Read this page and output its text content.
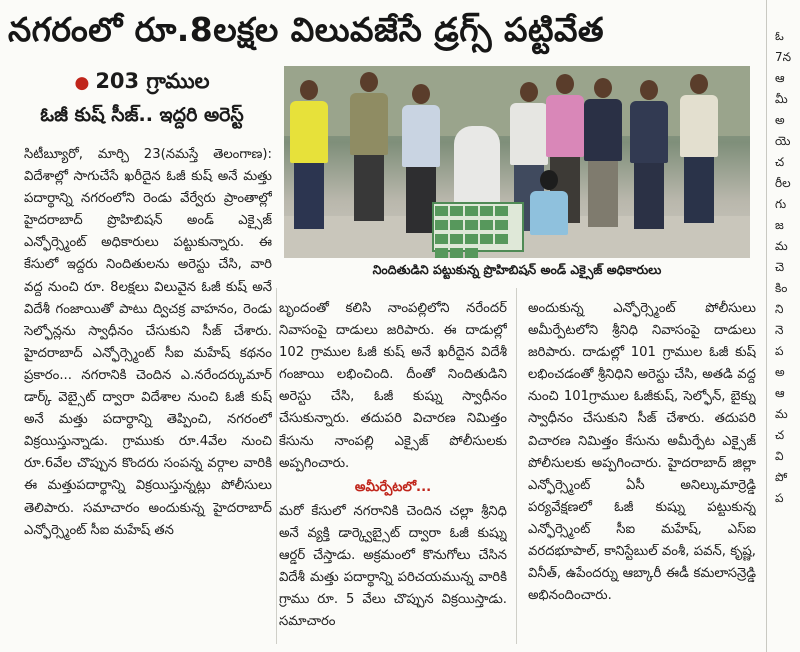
నగరంలో రూ.8లక్షల విలువజేసే డ్రగ్స్ పట్టివేత	ఓ
7న
ఆ
మీ
అ
యె
చ
రీల
గు
జ
మ
చె
కిం
ని
నె
ప
అ
ఆ
మ
చ
వి
పో
ప
● 203 గ్రాముల
ఓజీ కుష్ సీజ్.. ఇద్దరి అరెస్ట్
సిటీబ్యూరో, మార్చి 23(నమస్తే తెలంగాణ): విదేశాల్లో సాగుచేసే ఖరీదైన ఓజీ కుష్ అనే మత్తు పదార్థాన్ని నగరంలోని రెండు వేర్వేరు ప్రాంతాల్లో హైదరాబాద్ ప్రొహిబిషన్ అండ్ ఎక్సైజ్ ఎన్ఫోర్స్మెంట్ అధికారులు పట్టుకున్నారు. ఈ కేసులో ఇద్దరు నిందితులను అరెస్టు చేసి, వారి వద్ద నుంచి రూ. 8లక్షలు విలువైన ఓజీ కుష్ అనే విదేశీ గంజాయితో పాటు ద్విచక్ర వాహనం, రెండు సెల్ఫోన్లను స్వాధీనం చేసుకుని సీజ్ చేశారు. హైదరాబాద్ ఎన్ఫోర్స్మెంట్ సీఐ మహేష్ కథనం ప్రకారం... నగరానికి చెందిన ఎ.నరేందర్కుమార్ డార్క్ వెబ్సైట్ ద్వారా విదేశాల నుంచి ఓజీ కుష్ అనే మత్తు పదార్థాన్ని తెప్పించి, నగరంలో విక్రయిస్తున్నాడు. గ్రాముకు రూ.4వేల నుంచి రూ.6వేల చొప్పున కొందరు సంపన్న వర్గాల వారికి ఈ మత్తుపదార్థాన్ని విక్రయిస్తున్నట్లు పోలీసులు తెలిపారు. సమాచారం అందుకున్న హైదరాబాద్ ఎన్ఫోర్స్మెంట్ సీఐ మహేష్ తన
నిందితుడిని పట్టుకున్న ప్రొహిబిషన్ అండ్ ఎక్సైజ్ అధికారులు
బృందంతో కలిసి నాంపల్లిలోని నరేందర్ నివాసంపై దాడులు జరిపారు. ఈ దాడుల్లో 102 గ్రాముల ఓజీ కుష్ అనే ఖరీదైన విదేశీ గంజాయి లభించింది. దీంతో నిందితుడిని అరెస్టు చేసి, ఓజీ కుష్ను స్వాధీనం చేసుకున్నారు. తదుపరి విచారణ నిమిత్తం కేసును నాంపల్లి ఎక్సైజ్ పోలీసులకు అప్పగించారు.
అమీర్పేటలో...
మరో కేసులో నగరానికి చెందిన చల్లా శ్రీనిధి అనే వ్యక్తి డార్క్వెబ్సైట్ ద్వారా ఓజీ కుష్ను ఆర్డర్ చేస్తాడు. అక్రమంలో కొనుగోలు చేసిన విదేశీ మత్తు పదార్థాన్ని పరిచయమున్న వారికి గ్రాము రూ. 5 వేలు చొప్పున విక్రయిస్తాడు. సమాచారం
అందుకున్న ఎన్ఫోర్స్మెంట్ పోలీసులు అమీర్పేటలోని శ్రీనిధి నివాసంపై దాడులు జరిపారు. దాడుల్లో 101 గ్రాముల ఓజీ కుష్ లభించడంతో శ్రీనిధిని అరెస్టు చేసి, అతడి వద్ద నుంచి 101గ్రాముల ఓజీకుష్, సెల్ఫోన్, బైక్ను స్వాధీనం చేసుకుని సీజ్ చేశారు. తదుపరి విచారణ నిమిత్తం కేసును అమీర్పేట ఎక్సైజ్ పోలీసులకు అప్పగించారు. హైదరాబాద్ జిల్లా ఎన్ఫోర్స్మెంట్ ఏసీ అనిల్కుమార్రెడ్డి పర్యవేక్షణలో ఓజీ కుష్ను పట్టుకున్న ఎన్ఫోర్స్మెంట్ సీఐ మహేష్, ఎస్ఐ వరదభూపాల్, కానిస్టేబుల్ వంశీ, పవన్, కృష్ణ, వినీత్, ఉపేందర్ను ఆబ్కారీ ఈడీ కమలాసన్రెడ్డి అభినందించారు.
